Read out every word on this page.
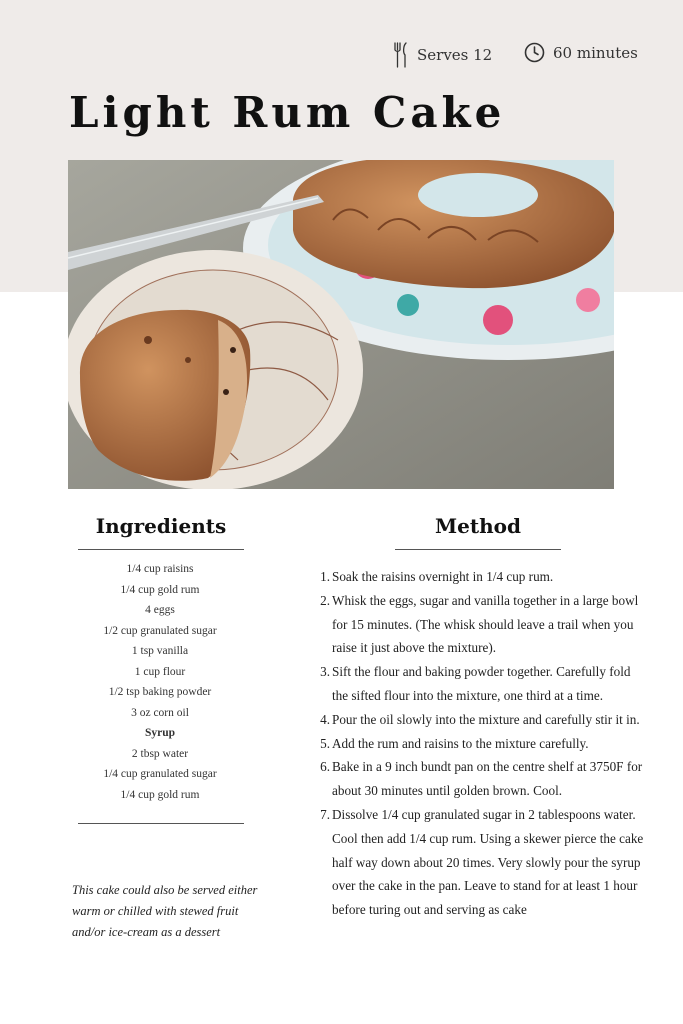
Serves 12	60 minutes
Light Rum Cake
Ingredients
1/4 cup raisins
1/4 cup gold rum
4 eggs
1/2 cup granulated sugar
1 tsp vanilla
1 cup flour
1/2 tsp baking powder
3 oz corn oil
Syrup
2 tbsp water
1/4 cup granulated sugar
1/4 cup gold rum

This cake could also be served either warm or chilled with stewed fruit and/or ice-cream as a dessert

Method
1. Soak the raisins overnight in 1/4 cup rum.
2. Whisk the eggs, sugar and vanilla together in a large bowl for 15 minutes. (The whisk should leave a trail when you raise it just above the mixture).
3. Sift the flour and baking powder together. Carefully fold the sifted flour into the mixture, one third at a time.
4. Pour the oil slowly into the mixture and carefully stir it in.
5. Add the rum and raisins to the mixture carefully.
6. Bake in a 9 inch bundt pan on the centre shelf at 3750F for about 30 minutes until golden brown. Cool.
7. Dissolve 1/4 cup granulated sugar in 2 tablespoons water. Cool then add 1/4 cup rum. Using a skewer pierce the cake half way down about 20 times. Very slowly pour the syrup over the cake in the pan. Leave to stand for at least 1 hour before turing out and serving as cake
